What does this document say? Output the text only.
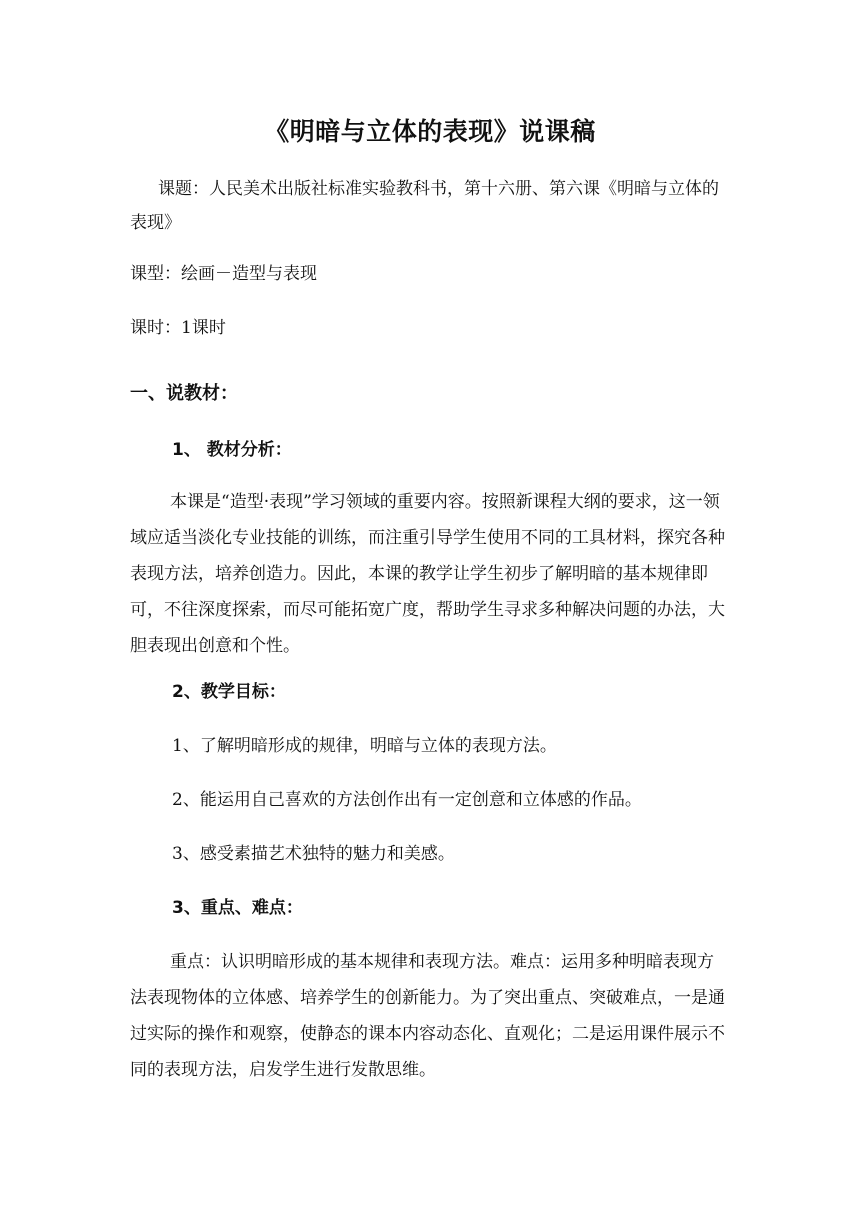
《明暗与立体的表现》说课稿
课题：人民美术出版社标准实验教科书，第十六册、第六课《明暗与立体的表现》
课型：绘画－造型与表现
课时：1课时
一、说教材：
1、 教材分析：
本课是“造型·表现”学习领域的重要内容。按照新课程大纲的要求，这一领域应适当淡化专业技能的训练，而注重引导学生使用不同的工具材料，探究各种表现方法，培养创造力。因此，本课的教学让学生初步了解明暗的基本规律即可，不往深度探索，而尽可能拓宽广度，帮助学生寻求多种解决问题的办法，大胆表现出创意和个性。
2、教学目标：
1、了解明暗形成的规律，明暗与立体的表现方法。
2、能运用自己喜欢的方法创作出有一定创意和立体感的作品。
3、感受素描艺术独特的魅力和美感。
3、重点、难点：
重点：认识明暗形成的基本规律和表现方法。难点：运用多种明暗表现方法表现物体的立体感、培养学生的创新能力。为了突出重点、突破难点，一是通过实际的操作和观察，使静态的课本内容动态化、直观化；二是运用课件展示不同的表现方法，启发学生进行发散思维。
